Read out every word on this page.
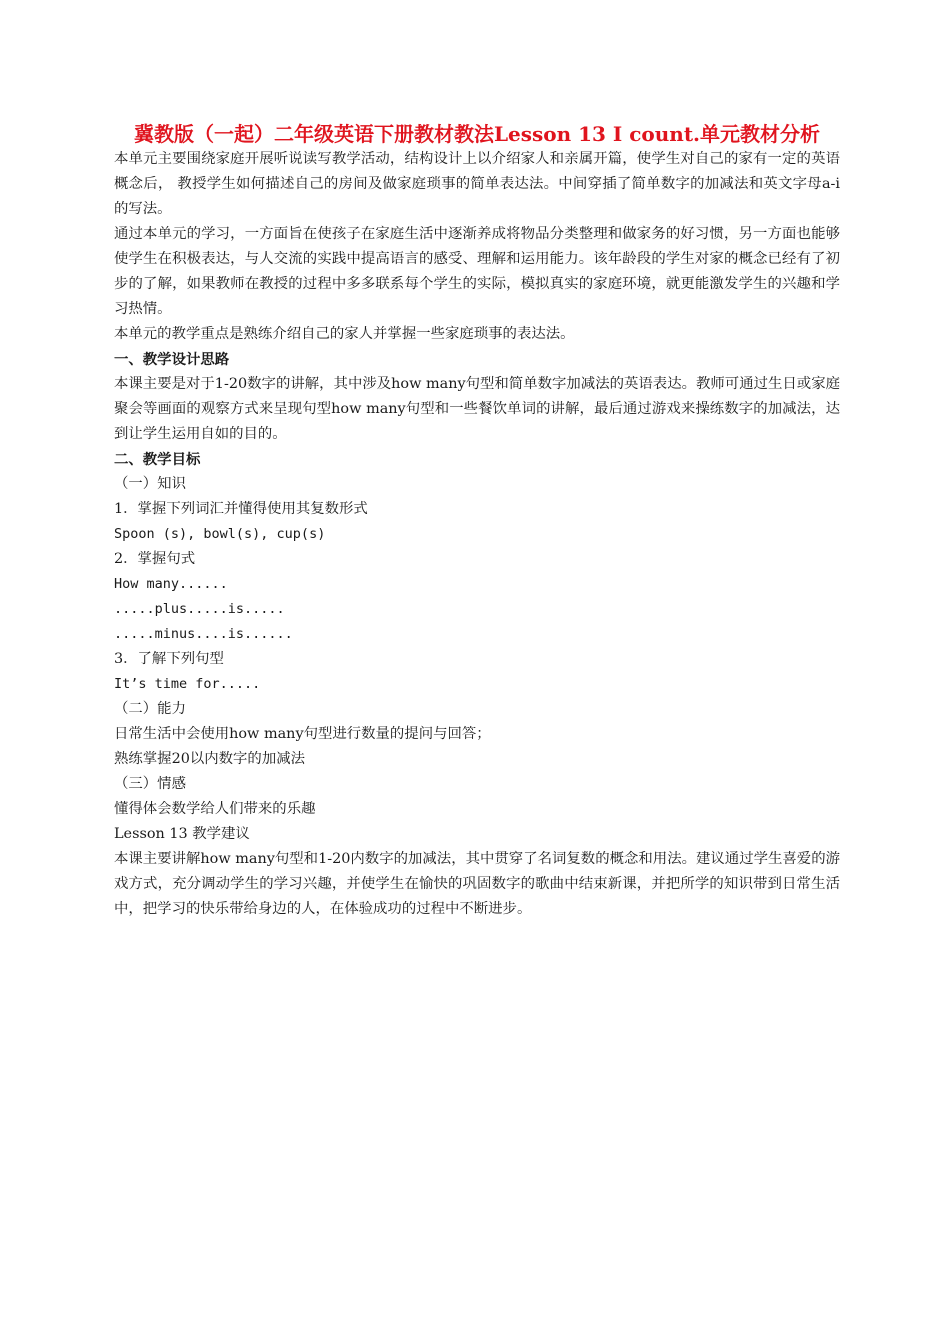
冀教版（一起）二年级英语下册教材教法Lesson 13 I count.单元教材分析

本单元主要围绕家庭开展听说读写教学活动，结构设计上以介绍家人和亲属开篇，使学生对自己的家有一定的英语概念后， 教授学生如何描述自己的房间及做家庭琐事的简单表达法。中间穿插了简单数字的加减法和英文字母a-i的写法。

通过本单元的学习，一方面旨在使孩子在家庭生活中逐渐养成将物品分类整理和做家务的好习惯，另一方面也能够使学生在积极表达，与人交流的实践中提高语言的感受、理解和运用能力。该年龄段的学生对家的概念已经有了初步的了解，如果教师在教授的过程中多多联系每个学生的实际，模拟真实的家庭环境，就更能激发学生的兴趣和学习热情。

本单元的教学重点是熟练介绍自己的家人并掌握一些家庭琐事的表达法。

一、教学设计思路

本课主要是对于1-20数字的讲解，其中涉及how many句型和简单数字加减法的英语表达。教师可通过生日或家庭聚会等画面的观察方式来呈现句型how many句型和一些餐饮单词的讲解，最后通过游戏来操练数字的加减法，达到让学生运用自如的目的。

二、教学目标

（一）知识

1．掌握下列词汇并懂得使用其复数形式

Spoon (s), bowl(s), cup(s)

2．掌握句式

How many......

.....plus.....is.....

.....minus....is......

3．了解下列句型

It’s time for.....

（二）能力

日常生活中会使用how many句型进行数量的提问与回答；

熟练掌握20以内数字的加减法

（三）情感

懂得体会数学给人们带来的乐趣

Lesson 13 教学建议

本课主要讲解how many句型和1-20内数字的加减法，其中贯穿了名词复数的概念和用法。建议通过学生喜爱的游戏方式，充分调动学生的学习兴趣，并使学生在愉快的巩固数字的歌曲中结束新课，并把所学的知识带到日常生活中，把学习的快乐带给身边的人，在体验成功的过程中不断进步。
